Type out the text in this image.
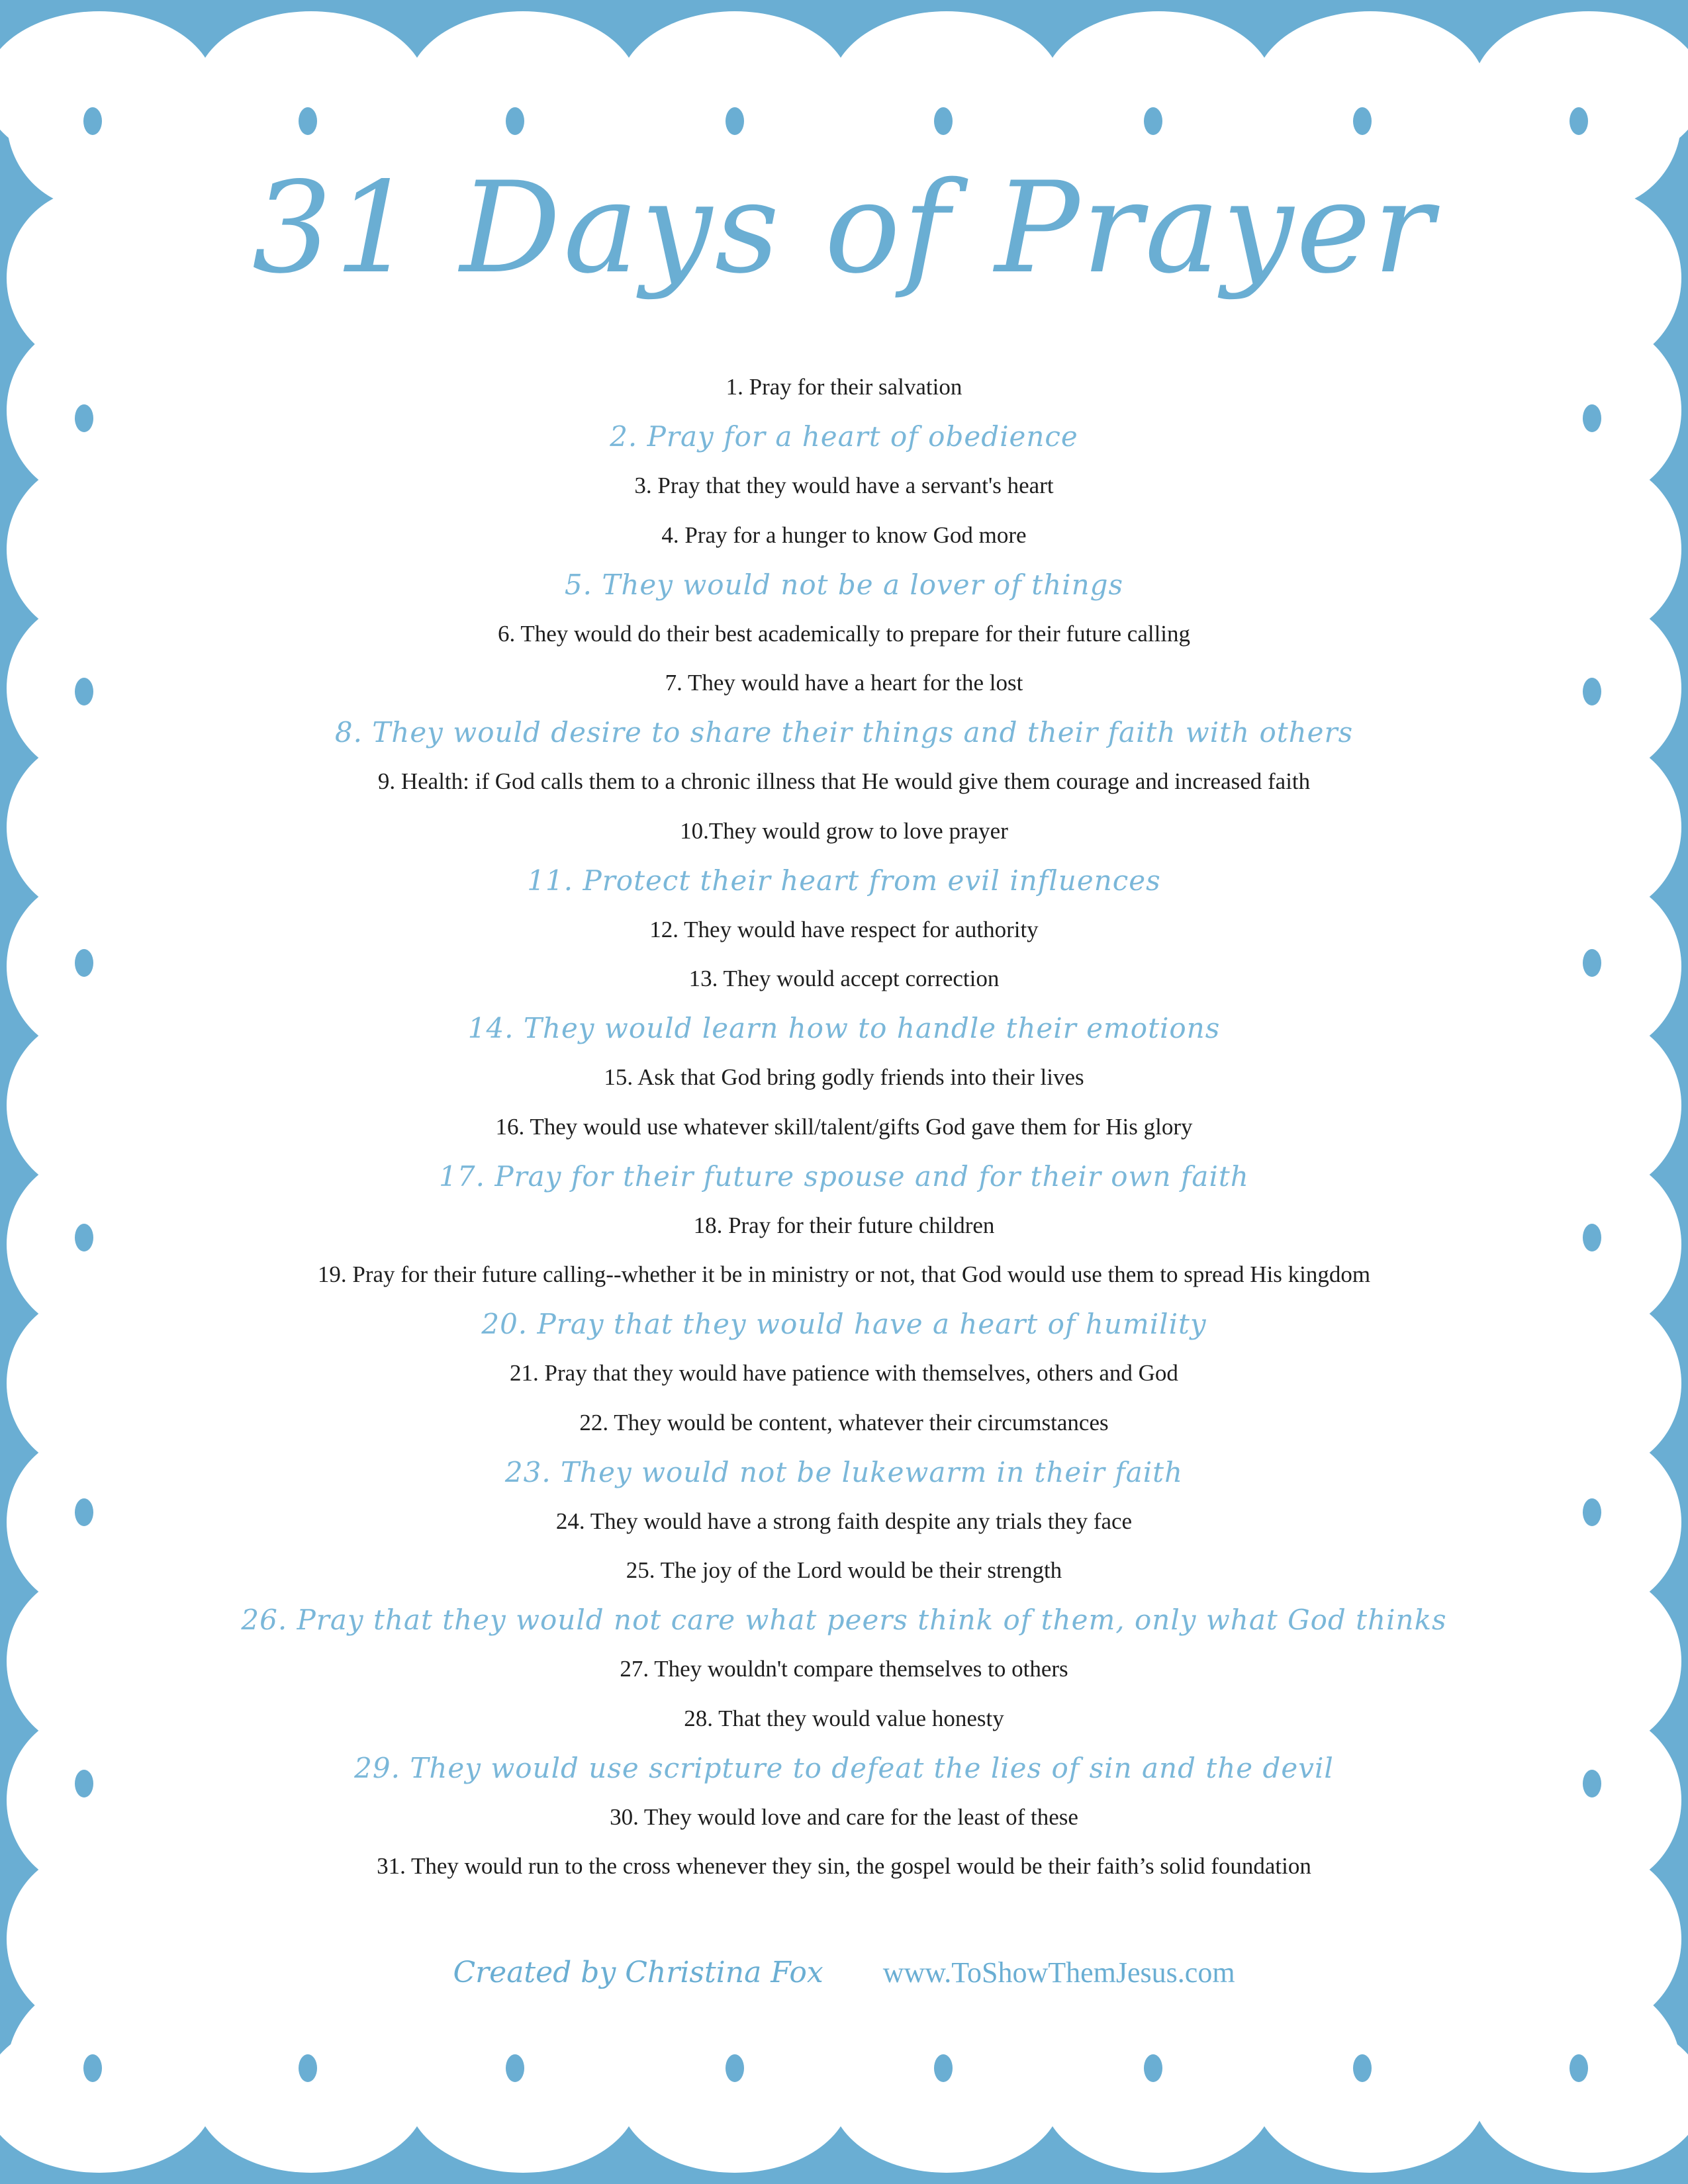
31 Days of Prayer
1. Pray for their salvation
2. Pray for a heart of obedience
3. Pray that they would have a servant's heart
4. Pray for a hunger to know God more
5. They would not be a lover of things
6. They would do their best academically to prepare for their future calling
7. They would have a heart for the lost
8. They would desire to share their things and their faith with others
9. Health: if God calls them to a chronic illness that He would give them courage and increased faith
10.They would grow to love prayer
11. Protect their heart from evil influences
12. They would have respect for authority
13. They would accept correction
14. They would learn how to handle their emotions
15. Ask that God bring godly friends into their lives
16. They would use whatever skill/talent/gifts God gave them for His glory
17. Pray for their future spouse and for their own faith
18. Pray for their future children
19. Pray for their future calling--whether it be in ministry or not, that God would use them to spread His kingdom
20. Pray that they would have a heart of humility
21. Pray that they would have patience with themselves, others and God
22. They would be content, whatever their circumstances
23. They would not be lukewarm in their faith
24. They would have a strong faith despite any trials they face
25. The joy of the Lord would be their strength
26. Pray that they would not care what peers think of them, only what God thinks
27. They wouldn't compare themselves to others
28. That they would value honesty
29. They would use scripture to defeat the lies of sin and the devil
30. They would love and care for the least of these
31. They would run to the cross whenever they sin, the gospel would be their faith’s solid foundation
Created by Christina Fox www.ToShowThemJesus.com
